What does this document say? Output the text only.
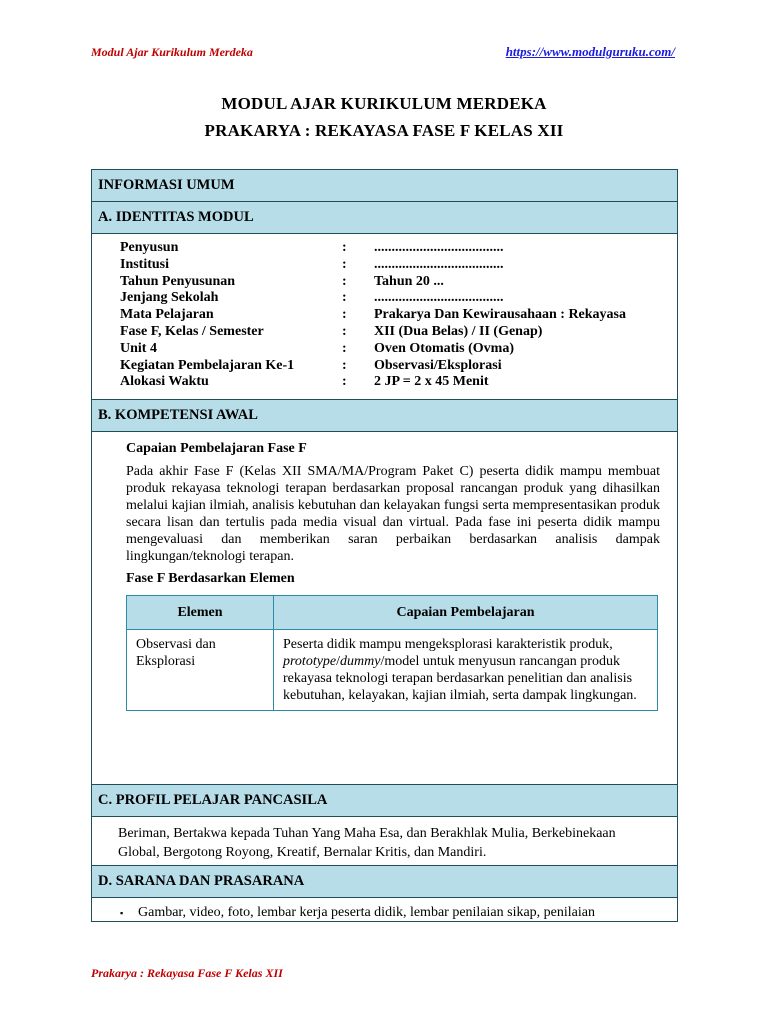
Modul Ajar Kurikulum Merdeka	https://www.modulguruku.com/
MODUL AJAR KURIKULUM MERDEKA
PRAKARYA : REKAYASA FASE F KELAS XII
INFORMASI UMUM
A. IDENTITAS MODUL
Penyusun	:	.....................................
Institusi	:	.....................................
Tahun Penyusunan	:	Tahun 20 ...
Jenjang Sekolah	:	.....................................
Mata Pelajaran	:	Prakarya Dan Kewirausahaan : Rekayasa
Fase F, Kelas / Semester	:	XII (Dua Belas) / II (Genap)
Unit 4	:	Oven Otomatis (Ovma)
Kegiatan Pembelajaran Ke-1	:	Observasi/Eksplorasi
Alokasi Waktu	:	2 JP = 2 x 45 Menit
B. KOMPETENSI AWAL
Capaian Pembelajaran Fase F
Pada akhir Fase F (Kelas XII SMA/MA/Program Paket C) peserta didik mampu membuat produk rekayasa teknologi terapan berdasarkan proposal rancangan produk yang dihasilkan melalui kajian ilmiah, analisis kebutuhan dan kelayakan fungsi serta mempresentasikan produk secara lisan dan tertulis pada media visual dan virtual. Pada fase ini peserta didik mampu mengevaluasi dan memberikan saran perbaikan berdasarkan analisis dampak lingkungan/teknologi terapan.
Fase F Berdasarkan Elemen
Elemen	Capaian Pembelajaran

Observasi dan
Eksplorasi	Peserta didik mampu mengeksplorasi karakteristik produk, prototype/dummy/model untuk menyusun rancangan produk rekayasa teknologi terapan berdasarkan penelitian dan analisis kebutuhan, kelayakan, kajian ilmiah, serta dampak lingkungan.
C. PROFIL PELAJAR PANCASILA
Beriman, Bertakwa kepada Tuhan Yang Maha Esa, dan Berakhlak Mulia, Berkebinekaan Global, Bergotong Royong, Kreatif, Bernalar Kritis, dan Mandiri.
D. SARANA DAN PRASARANA
▪	Gambar, video, foto, lembar kerja peserta didik, lembar penilaian sikap, penilaian
Prakarya : Rekayasa Fase F Kelas XII
